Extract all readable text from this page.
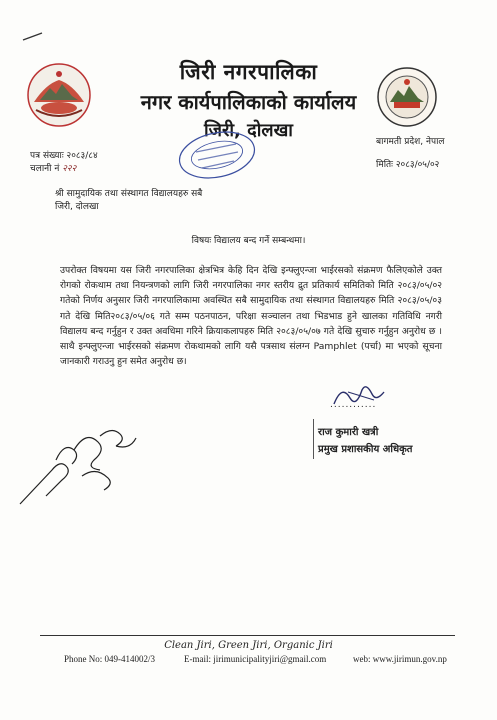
जिरी नगरपालिका
नगर कार्यपालिकाको कार्यालय
जिरी, दोलखा
बागमती प्रदेश, नेपाल
पत्र संख्याः २०८३/८४
चलानी नं २२२	मितिः २०८३/०५/०२
श्री सामुदायिक तथा संस्थागत विद्यालयहरु सबै
जिरी, दोलखा
विषयः विद्यालय बन्द गर्ने सम्बन्धमा।
उपरोक्त विषयमा यस जिरी नगरपालिका क्षेत्रभित्र केहि दिन देखि इन्फ्लुएन्जा भाईरसको संक्रमण फैलिएकोले उक्त रोगको रोकथाम तथा नियन्त्रणको लागि जिरी नगरपालिका नगर स्तरीय द्रुत प्रतिकार्य समितिको मिति २०८३/०५/०२ गतेको निर्णय अनुसार जिरी नगरपालिकामा अवस्थित सबै सामुदायिक तथा संस्थागत विद्यालयहरु मिति २०८३/०५/०३ गते देखि मिति२०८३/०५/०६ गते सम्म पठनपाठन, परिक्षा सञ्चालन तथा भिडभाड हुने खालका गतिविधि नगरी विद्यालय बन्द गर्नुहुन र उक्त अवधिमा गरिने क्रियाकलापहरु मिति २०८३/०५/०७ गते देखि सुचारु गर्नुहुन अनुरोध छ । साथै इन्फ्लुएन्जा भाईरसको संक्रमण रोकथामको लागि यसै पत्रसाथ संलग्न Pamphlet (पर्चा) मा भएको सूचना जानकारी गराउनु हुन समेत अनुरोध छ।
............
राज कुमारी खत्री
प्रमुख प्रशासकीय अधिकृत
Clean Jiri, Green Jiri, Organic Jiri
Phone No: 049-414002/3	E-mail: jirimunicipalityjiri@gmail.com	web: www.jirimun.gov.np
